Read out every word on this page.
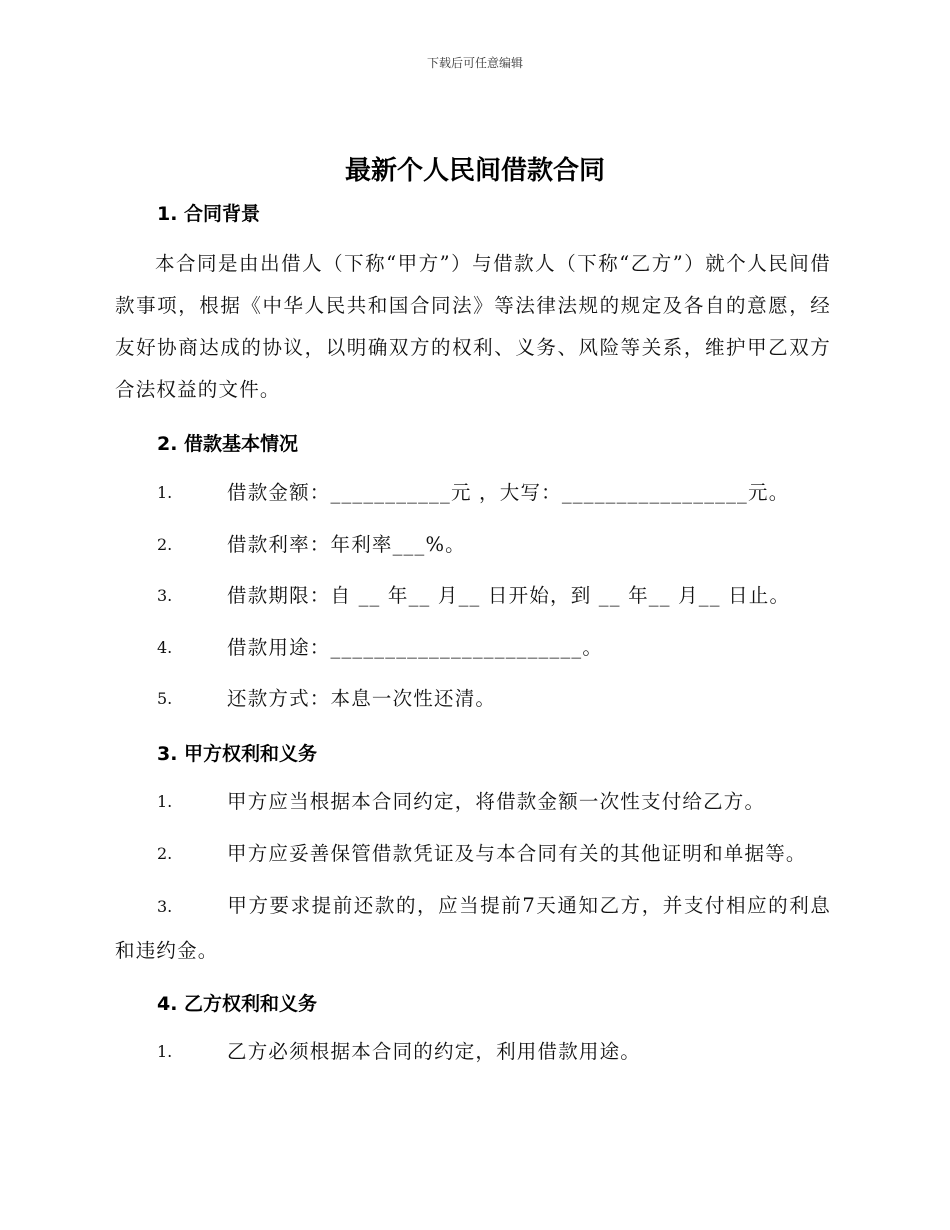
下载后可任意编辑
最新个人民间借款合同
1. 合同背景

本合同是由出借人（下称“甲方”）与借款人（下称“乙方”）就个人民间借款事项，根据《中华人民共和国合同法》等法律法规的规定及各自的意愿，经友好协商达成的协议，以明确双方的权利、义务、风险等关系，维护甲乙双方合法权益的文件。

2. 借款基本情况
1.	借款金额：___________元 ，大写：_________________元。
2.	借款利率：年利率___%。
3.	借款期限：自 __ 年__ 月__ 日开始，到 __ 年__ 月__ 日止。
4.	借款用途：_______________________。
5.	还款方式：本息一次性还清。
3. 甲方权利和义务
1.	甲方应当根据本合同约定，将借款金额一次性支付给乙方。
2.	甲方应妥善保管借款凭证及与本合同有关的其他证明和单据等。

3.	甲方要求提前还款的，应当提前7天通知乙方，并支付相应的利息和违约金。

4. 乙方权利和义务
1.	乙方必须根据本合同的约定，利用借款用途。
